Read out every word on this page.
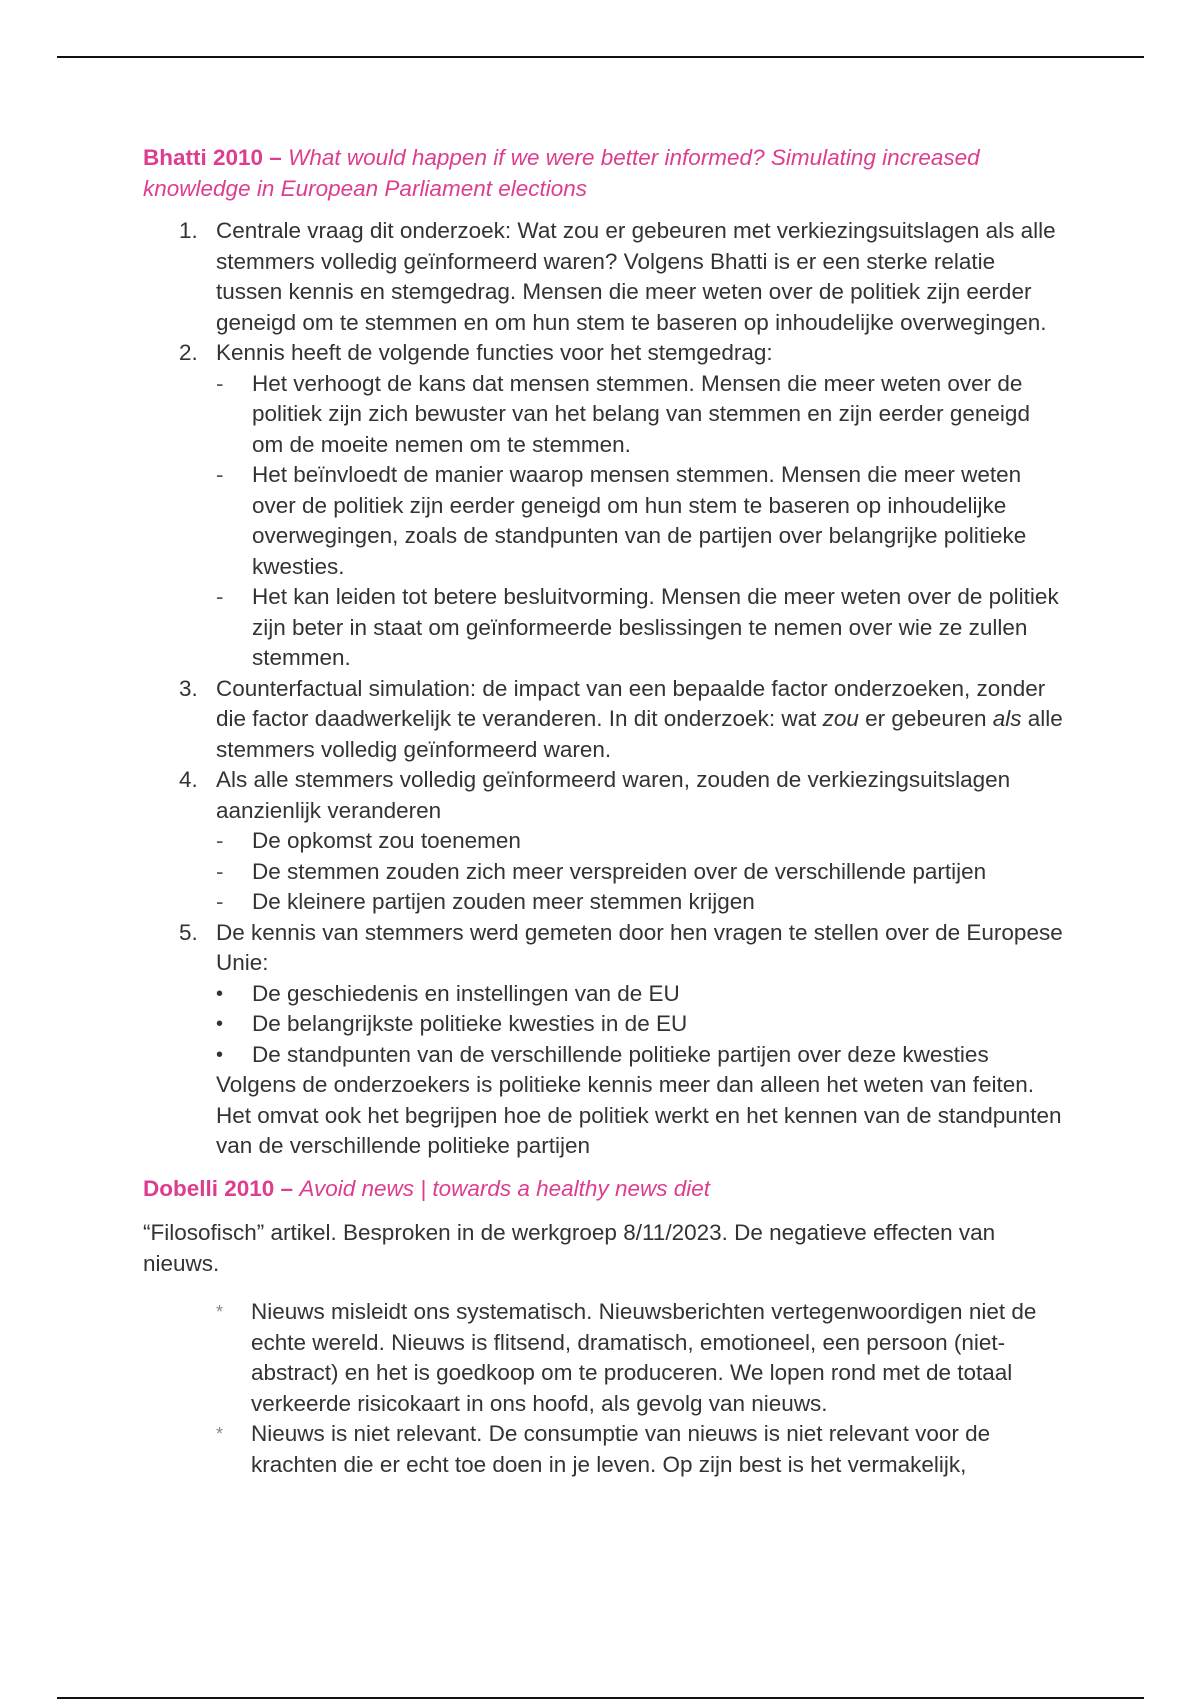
Bhatti 2010 – What would happen if we were better informed? Simulating increased knowledge in European Parliament elections

1. Centrale vraag dit onderzoek: Wat zou er gebeuren met verkiezingsuitslagen als alle stemmers volledig geïnformeerd waren? Volgens Bhatti is er een sterke relatie tussen kennis en stemgedrag. Mensen die meer weten over de politiek zijn eerder geneigd om te stemmen en om hun stem te baseren op inhoudelijke overwegingen.
2. Kennis heeft de volgende functies voor het stemgedrag:
- Het verhoogt de kans dat mensen stemmen. Mensen die meer weten over de politiek zijn zich bewuster van het belang van stemmen en zijn eerder geneigd om de moeite nemen om te stemmen.
- Het beïnvloedt de manier waarop mensen stemmen. Mensen die meer weten over de politiek zijn eerder geneigd om hun stem te baseren op inhoudelijke overwegingen, zoals de standpunten van de partijen over belangrijke politieke kwesties.
- Het kan leiden tot betere besluitvorming. Mensen die meer weten over de politiek zijn beter in staat om geïnformeerde beslissingen te nemen over wie ze zullen stemmen.
3. Counterfactual simulation: de impact van een bepaalde factor onderzoeken, zonder die factor daadwerkelijk te veranderen. In dit onderzoek: wat zou er gebeuren als alle stemmers volledig geïnformeerd waren.
4. Als alle stemmers volledig geïnformeerd waren, zouden de verkiezingsuitslagen aanzienlijk veranderen
- De opkomst zou toenemen
- De stemmen zouden zich meer verspreiden over de verschillende partijen
- De kleinere partijen zouden meer stemmen krijgen
5. De kennis van stemmers werd gemeten door hen vragen te stellen over de Europese Unie:
• De geschiedenis en instellingen van de EU
• De belangrijkste politieke kwesties in de EU
• De standpunten van de verschillende politieke partijen over deze kwesties
Volgens de onderzoekers is politieke kennis meer dan alleen het weten van feiten. Het omvat ook het begrijpen hoe de politiek werkt en het kennen van de standpunten van de verschillende politieke partijen

Dobelli 2010 – Avoid news | towards a healthy news diet

“Filosofisch” artikel. Besproken in de werkgroep 8/11/2023. De negatieve effecten van nieuws.

* Nieuws misleidt ons systematisch. Nieuwsberichten vertegenwoordigen niet de echte wereld. Nieuws is flitsend, dramatisch, emotioneel, een persoon (niet-abstract) en het is goedkoop om te produceren. We lopen rond met de totaal verkeerde risicokaart in ons hoofd, als gevolg van nieuws.
* Nieuws is niet relevant. De consumptie van nieuws is niet relevant voor de krachten die er echt toe doen in je leven. Op zijn best is het vermakelijk,
